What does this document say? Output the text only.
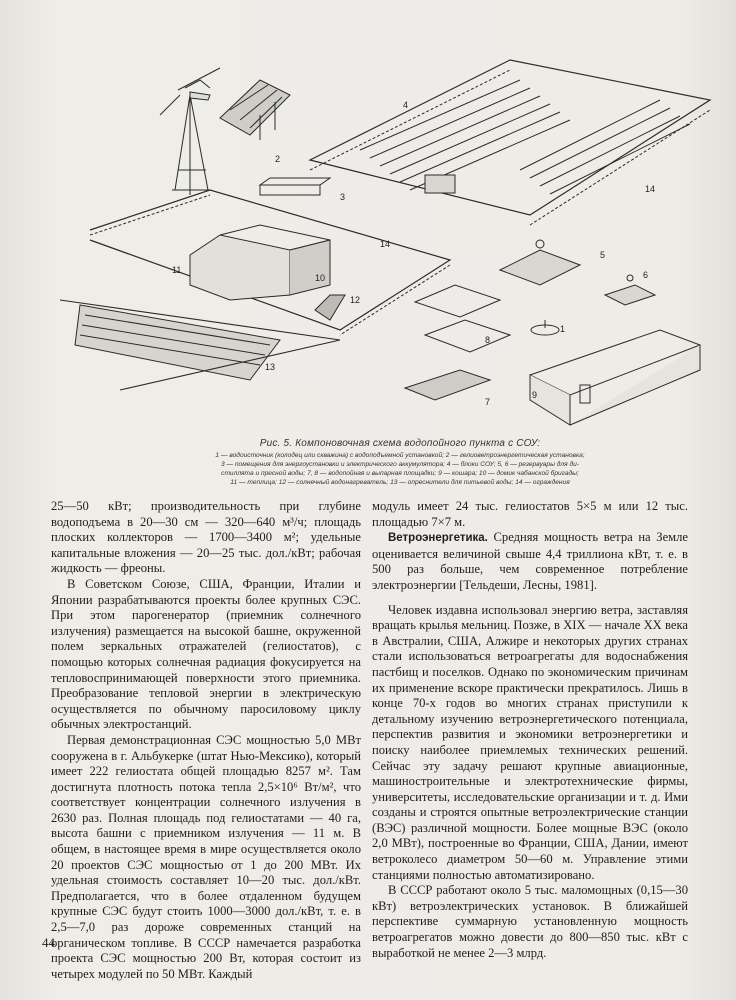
2
3
4
5
6
7
8
9
10
11
12
13
14
14
1
Рис. 5. Компоновочная схема водопойного пункта с СОУ:
1 — водоисточник (колодец или скважина) с водоподъемной установкой; 2 — гелиоветроэнергетическая установка;
3 — помещения для энергоустановки и электрического аккумулятора; 4 — блоки СОУ; 5, 6 — резервуары для ди-
стиллята и пресной воды; 7, 8 — водопойная и выпарная площадки; 9 — кошара; 10 — домик чабанской бригады;
11 — теплица; 12 — солнечный водонагреватель; 13 — опреснители для питьевой воды; 14 — ограждения

25—50 кВт; производительность при глубине водоподъема в 20—30 см — 320—640 м³/ч; площадь плоских коллекторов — 1700—3400 м²; удельные капитальные вложения — 20—25 тыс. дол./кВт; рабочая жидкость — фреоны.

В Советском Союзе, США, Франции, Италии и Японии разрабатываются проекты более крупных СЭС. При этом парогенератор (приемник солнечного излучения) размещается на высокой башне, окруженной полем зеркальных отражателей (гелиостатов), с помощью которых солнечная радиация фокусируется на тепловоспринимающей поверхности этого приемника. Преобразование тепловой энергии в электрическую осуществляется по обычному паросиловому циклу обычных электростанций.

Первая демонстрационная СЭС мощностью 5,0 МВт сооружена в г. Альбукерке (штат Нью-Мексико), который имеет 222 гелиостата общей площадью 8257 м². Там достигнута плотность потока тепла 2,5×10⁶ Вт/м², что соответствует концентрации солнечного излучения в 2630 раз. Полная площадь под гелиостатами — 40 га, высота башни с приемником излучения — 11 м. В общем, в настоящее время в мире осуществляется около 20 проектов СЭС мощностью от 1 до 200 МВт. Их удельная стоимость составляет 10—20 тыс. дол./кВт. Предполагается, что в более отдаленном будущем крупные СЭС будут стоить 1000—3000 дол./кВт, т. е. в 2,5—7,0 раз дороже современных станций на органическом топливе. В СССР намечается разработка проекта СЭС мощностью 200 Вт, которая состоит из четырех модулей по 50 МВт. Каждый

модуль имеет 24 тыс. гелиостатов 5×5 м или 12 тыс. площадью 7×7 м.

Ветроэнергетика. Средняя мощность ветра на Земле оценивается величиной свыше 4,4 триллиона кВт, т. е. в 500 раз больше, чем современное потребление электроэнергии [Тельдеши, Лесны, 1981].

Человек издавна использовал энергию ветра, заставляя вращать крылья мельниц. Позже, в XIX — начале XX века в Австралии, США, Алжире и некоторых других странах стали использоваться ветроагрегаты для водоснабжения пастбищ и поселков. Однако по экономическим причинам их применение вскоре практически прекратилось. Лишь в конце 70-х годов во многих странах приступили к детальному изучению ветроэнергетического потенциала, перспектив развития и экономики ветроэнергетики и поиску наиболее приемлемых технических решений. Сейчас эту задачу решают крупные авиационные, машиностроительные и электротехнические фирмы, университеты, исследовательские организации и т. д. Ими созданы и строятся опытные ветроэлектрические станции (ВЭС) различной мощности. Более мощные ВЭС (около 2,0 МВт), построенные во Франции, США, Дании, имеют ветроколесо диаметром 50—60 м. Управление этими станциями полностью автоматизировано.

В СССР работают около 5 тыс. маломощных (0,15—30 кВт) ветроэлектрических установок. В ближайшей перспективе суммарную установленную мощность ветроагрегатов можно довести до 800—850 тыс. кВт с выработкой не менее 2—3 млрд.

44
